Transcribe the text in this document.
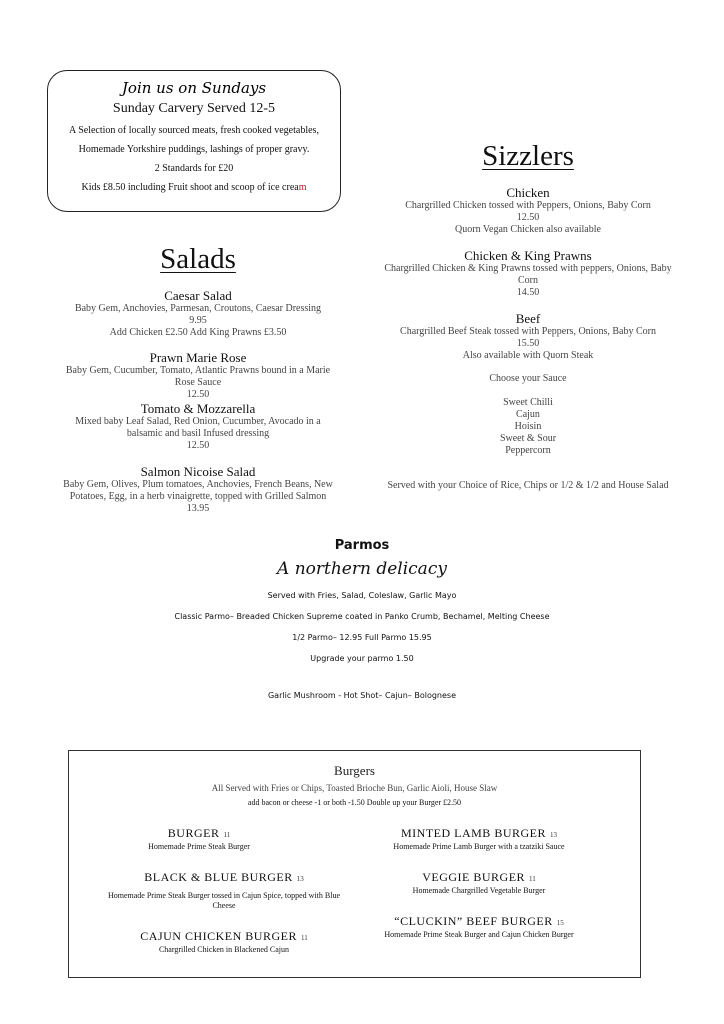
Join us on Sundays
Sunday Carvery Served 12-5
A Selection of locally sourced meats, fresh cooked vegetables,
Homemade Yorkshire puddings, lashings of proper gravy.
2 Standards for £20
Kids £8.50 including Fruit shoot and scoop of ice cream
Sizzlers
Chicken
Chargrilled Chicken tossed with Peppers, Onions, Baby Corn
12.50
Quorn Vegan Chicken also available
Chicken & King Prawns
Chargrilled Chicken & King Prawns tossed with peppers, Onions, Baby Corn
14.50
Beef
Chargrilled Beef Steak tossed with Peppers, Onions, Baby Corn
15.50
Also available with Quorn Steak
Choose your Sauce
Sweet Chilli
Cajun
Hoisin
Sweet & Sour
Peppercorn
Served with your Choice of Rice, Chips or 1/2 & 1/2 and House Salad
Salads
Caesar Salad
Baby Gem, Anchovies, Parmesan, Croutons, Caesar Dressing
9.95
Add Chicken £2.50 Add King Prawns £3.50
Prawn Marie Rose
Baby Gem, Cucumber, Tomato, Atlantic Prawns bound in a Marie Rose Sauce
12.50
Tomato & Mozzarella
Mixed baby Leaf Salad, Red Onion, Cucumber, Avocado in a balsamic and basil Infused dressing
12.50
Salmon Nicoise Salad
Baby Gem, Olives, Plum tomatoes, Anchovies, French Beans, New Potatoes, Egg, in a herb vinaigrette, topped with Grilled Salmon
13.95
Parmos
A northern delicacy
Served with Fries, Salad, Coleslaw, Garlic Mayo
Classic Parmo– Breaded Chicken Supreme coated in Panko Crumb, Bechamel, Melting Cheese
1/2 Parmo– 12.95 Full Parmo 15.95
Upgrade your parmo 1.50
Garlic Mushroom - Hot Shot– Cajun– Bolognese
Burgers
All Served with Fries or Chips, Toasted Brioche Bun, Garlic Aioli, House Slaw
add bacon or cheese -1 or both -1.50 Double up your Burger £2.50
BURGER 11
Homemade Prime Steak Burger
MINTED LAMB BURGER 13
Homemade Prime Lamb Burger with a tzatziki Sauce
BLACK & BLUE BURGER 13
Homemade Prime Steak Burger tossed in Cajun Spice, topped with Blue Cheese
VEGGIE BURGER 11
Homemade Chargrilled Vegetable Burger
“CLUCKIN” BEEF BURGER 15
Homemade Prime Steak Burger and Cajun Chicken Burger
CAJUN CHICKEN BURGER 11
Chargrilled Chicken in Blackened Cajun
